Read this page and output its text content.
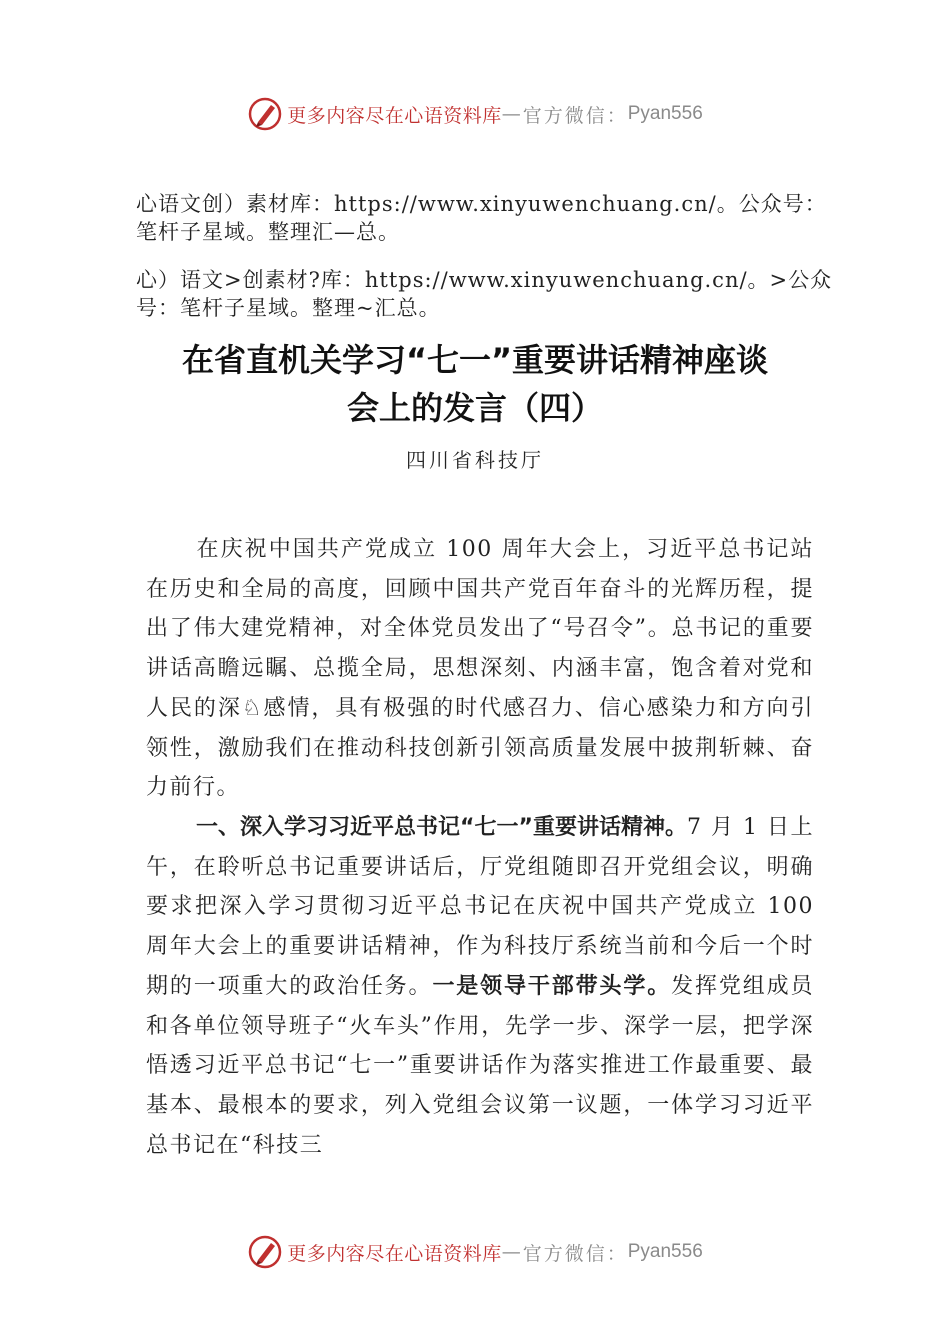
更多内容尽在心语资料库 — 官方微信： Pyan556
心语文创）素材库：https://www.xinyuwenchuang.cn/。公众号：笔杆子星域。整理汇—总。
心）语文>创素材?库：https://www.xinyuwenchuang.cn/。>公众号：笔杆子星域。整理~汇总。
在省直机关学习“七一”重要讲话精神座谈
会上的发言（四）
四川省科技厅
在庆祝中国共产党成立 100 周年大会上，习近平总书记站在历史和全局的高度，回顾中国共产党百年奋斗的光辉历程，提出了伟大建党精神，对全体党员发出了“号召令”。总书记的重要讲话高瞻远瞩、总揽全局，思想深刻、内涵丰富，饱含着对党和人民的深♘感情，具有极强的时代感召力、信心感染力和方向引领性，激励我们在推动科技创新引领高质量发展中披荆斩棘、奋力前行。
一、深入学习习近平总书记“七一”重要讲话精神。7 月 1 日上午，在聆听总书记重要讲话后，厅党组随即召开党组会议，明确要求把深入学习贯彻习近平总书记在庆祝中国共产党成立 100 周年大会上的重要讲话精神，作为科技厅系统当前和今后一个时期的一项重大的政治任务。一是领导干部带头学。发挥党组成员和各单位领导班子“火车头”作用，先学一步、深学一层，把学深悟透习近平总书记“七一”重要讲话作为落实推进工作最重要、最基本、最根本的要求，列入党组会议第一议题，一体学习习近平总书记在“科技三
更多内容尽在心语资料库 — 官方微信： Pyan556
